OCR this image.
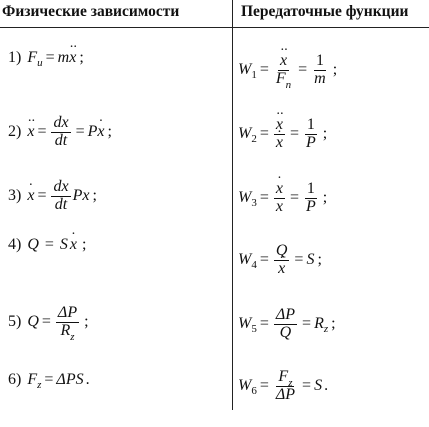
Физические зависимости	Передаточные функции
1) F u = m
·· x ;
2)
·· $x = \frac{dx}{dt} = P$
· x ;
3)
· $x = \frac{dx}{dt}$ P x ;
4) Q = S
· x ;
5) $Q = \frac{\Delta P}{R_z}$ ;
6) F z = ΔP S .
W 1 =
·· $\frac{x}{F_n} = \frac{1}{m}$ ;
W 2 =
·· x
· $x = \frac{1}{P}$ ;
W 3 =
· $\frac{x}{x} = \frac{1}{P}$ ;
W 4 = Q
· x = S ;
W $5 = \frac{\Delta P}{Q} = R$ z ;
W $6 = \frac{F_z}{\Delta P} = S$ .
